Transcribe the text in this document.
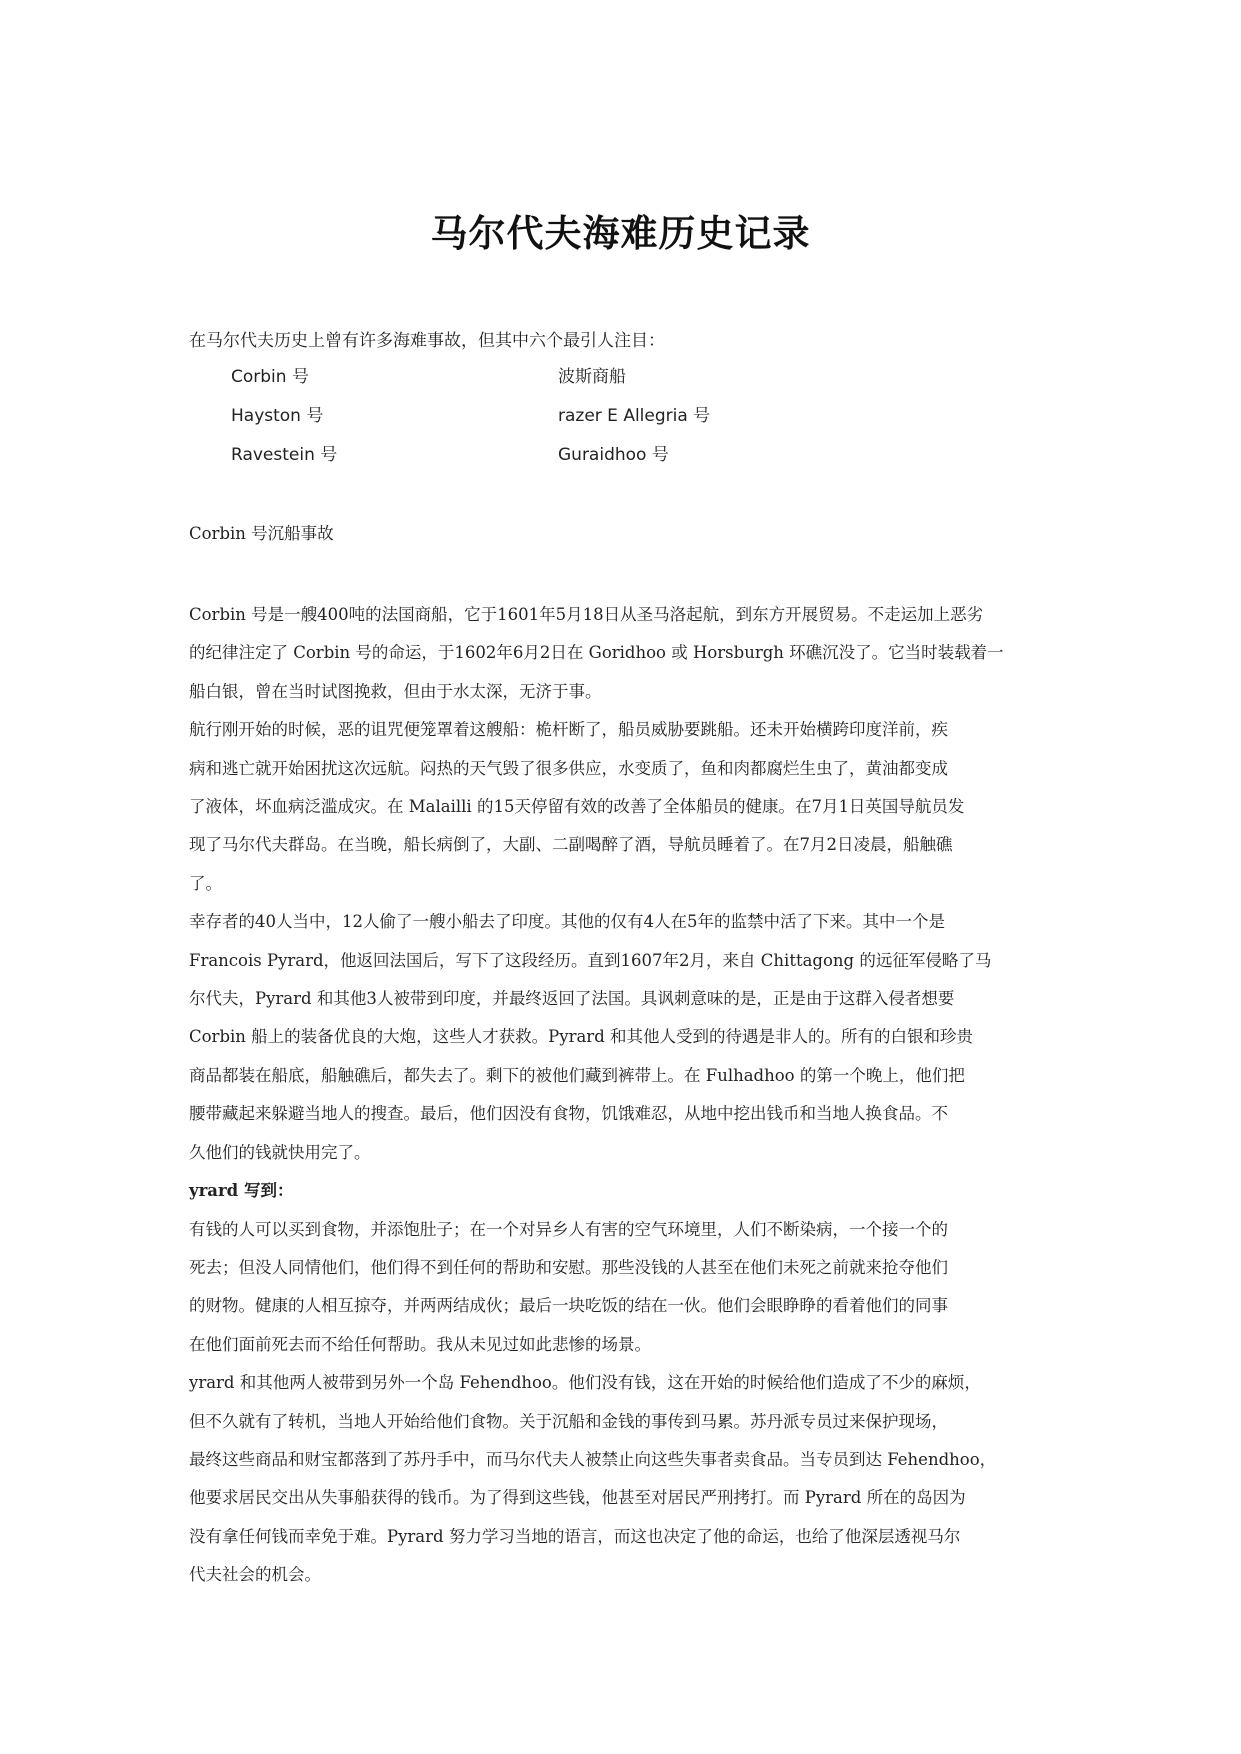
马尔代夫海难历史记录
在马尔代夫历史上曾有许多海难事故，但其中六个最引人注目：
Corbin 号	波斯商船
Hayston 号	razer E Allegria 号
Ravestein 号	Guraidhoo 号
Corbin 号沉船事故

Corbin 号是一艘400吨的法国商船，它于1601年5月18日从圣马洛起航，到东方开展贸易。不走运加上恶劣
的纪律注定了 Corbin 号的命运，于1602年6月2日在 Goridhoo 或 Horsburgh 环礁沉没了。它当时装载着一
船白银，曾在当时试图挽救，但由于水太深，无济于事。

航行刚开始的时候，恶的诅咒便笼罩着这艘船：桅杆断了，船员威胁要跳船。还未开始横跨印度洋前，疾
病和逃亡就开始困扰这次远航。闷热的天气毁了很多供应，水变质了，鱼和肉都腐烂生虫了，黄油都变成
了液体，坏血病泛滥成灾。在 Malailli 的15天停留有效的改善了全体船员的健康。在7月1日英国导航员发
现了马尔代夫群岛。在当晚，船长病倒了，大副、二副喝醉了酒，导航员睡着了。在7月2日凌晨，船触礁
了。

幸存者的40人当中，12人偷了一艘小船去了印度。其他的仅有4人在5年的监禁中活了下来。其中一个是
Francois Pyrard，他返回法国后，写下了这段经历。直到1607年2月，来自 Chittagong 的远征军侵略了马
尔代夫，Pyrard 和其他3人被带到印度，并最终返回了法国。具讽刺意味的是，正是由于这群入侵者想要
Corbin 船上的装备优良的大炮，这些人才获救。Pyrard 和其他人受到的待遇是非人的。所有的白银和珍贵
商品都装在船底，船触礁后，都失去了。剩下的被他们藏到裤带上。在 Fulhadhoo 的第一个晚上，他们把
腰带藏起来躲避当地人的搜查。最后，他们因没有食物，饥饿难忍，从地中挖出钱币和当地人换食品。不
久他们的钱就快用完了。

yrard 写到：

有钱的人可以买到食物，并添饱肚子；在一个对异乡人有害的空气环境里，人们不断染病，一个接一个的
死去；但没人同情他们，他们得不到任何的帮助和安慰。那些没钱的人甚至在他们未死之前就来抢夺他们
的财物。健康的人相互掠夺，并两两结成伙；最后一块吃饭的结在一伙。他们会眼睁睁的看着他们的同事
在他们面前死去而不给任何帮助。我从未见过如此悲惨的场景。

yrard 和其他两人被带到另外一个岛 Fehendhoo。他们没有钱，这在开始的时候给他们造成了不少的麻烦，
但不久就有了转机，当地人开始给他们食物。关于沉船和金钱的事传到马累。苏丹派专员过来保护现场，
最终这些商品和财宝都落到了苏丹手中，而马尔代夫人被禁止向这些失事者卖食品。当专员到达 Fehendhoo，
他要求居民交出从失事船获得的钱币。为了得到这些钱，他甚至对居民严刑拷打。而 Pyrard 所在的岛因为
没有拿任何钱而幸免于难。Pyrard 努力学习当地的语言，而这也决定了他的命运，也给了他深层透视马尔
代夫社会的机会。
